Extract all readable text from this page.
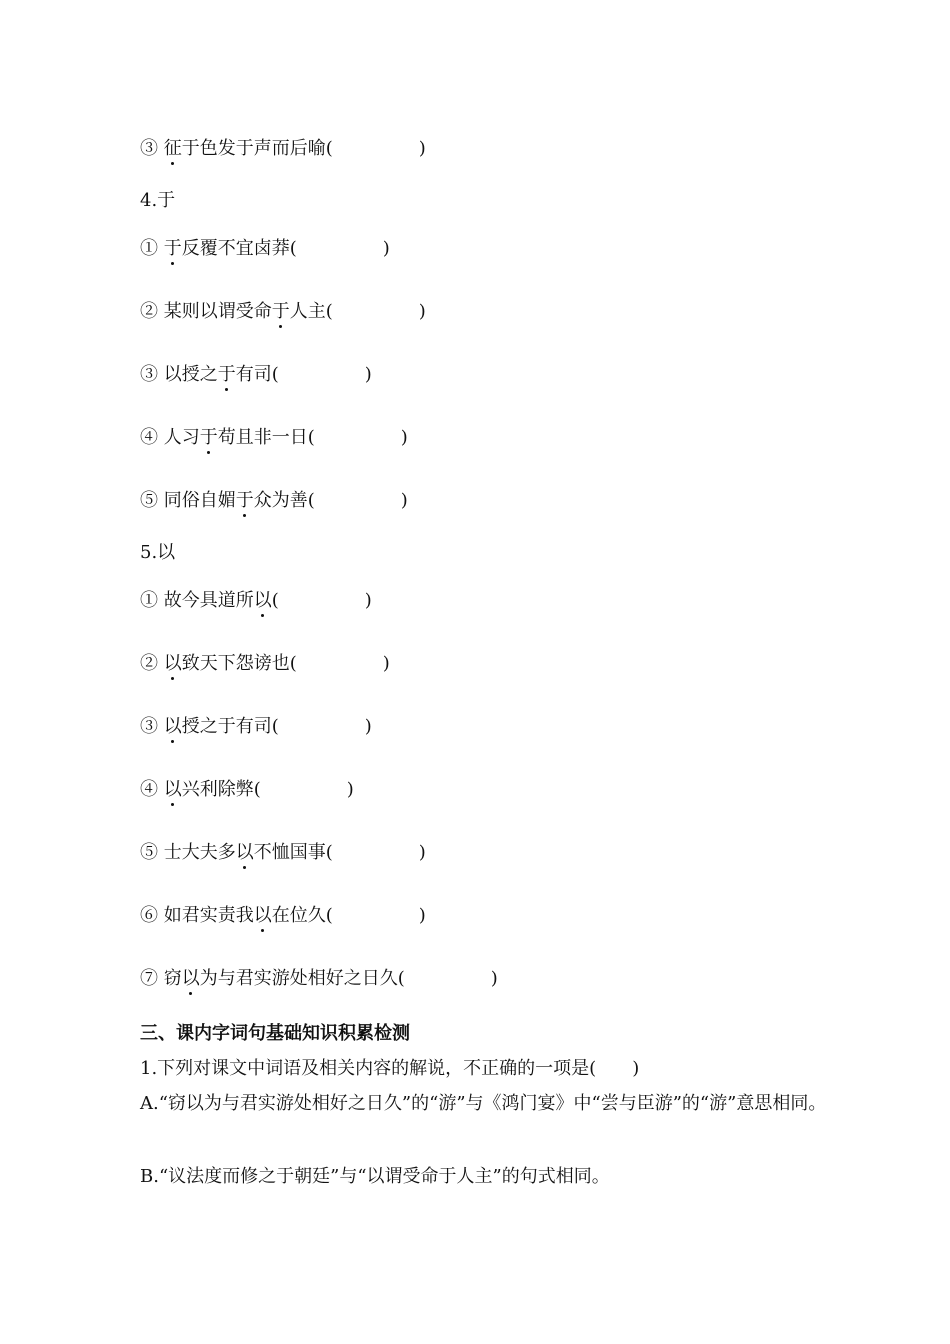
③ 征于色发于声而后喻(	)
4.于
① 于反覆不宜卤莽(	)
② 某则以谓受命于人主(	)
③ 以授之于有司(	)
④ 人习于苟且非一日(	)
⑤ 同俗自媚于众为善(	)
5.以
① 故今具道所以(	)
② 以致天下怨谤也(	)
③ 以授之于有司(	)
④ 以兴利除弊(	)
⑤ 士大夫多以不恤国事(	)
⑥ 如君实责我以在位久(	)
⑦ 窃以为与君实游处相好之日久(	)
三、课内字词句基础知识积累检测
1.下列对课文中词语及相关内容的解说，不正确的一项是(　　)
A.“窃以为与君实游处相好之日久”的“游”与《鸿门宴》中“尝与臣游”的“游”意思相同。
B.“议法度而修之于朝廷”与“以谓受命于人主”的句式相同。
